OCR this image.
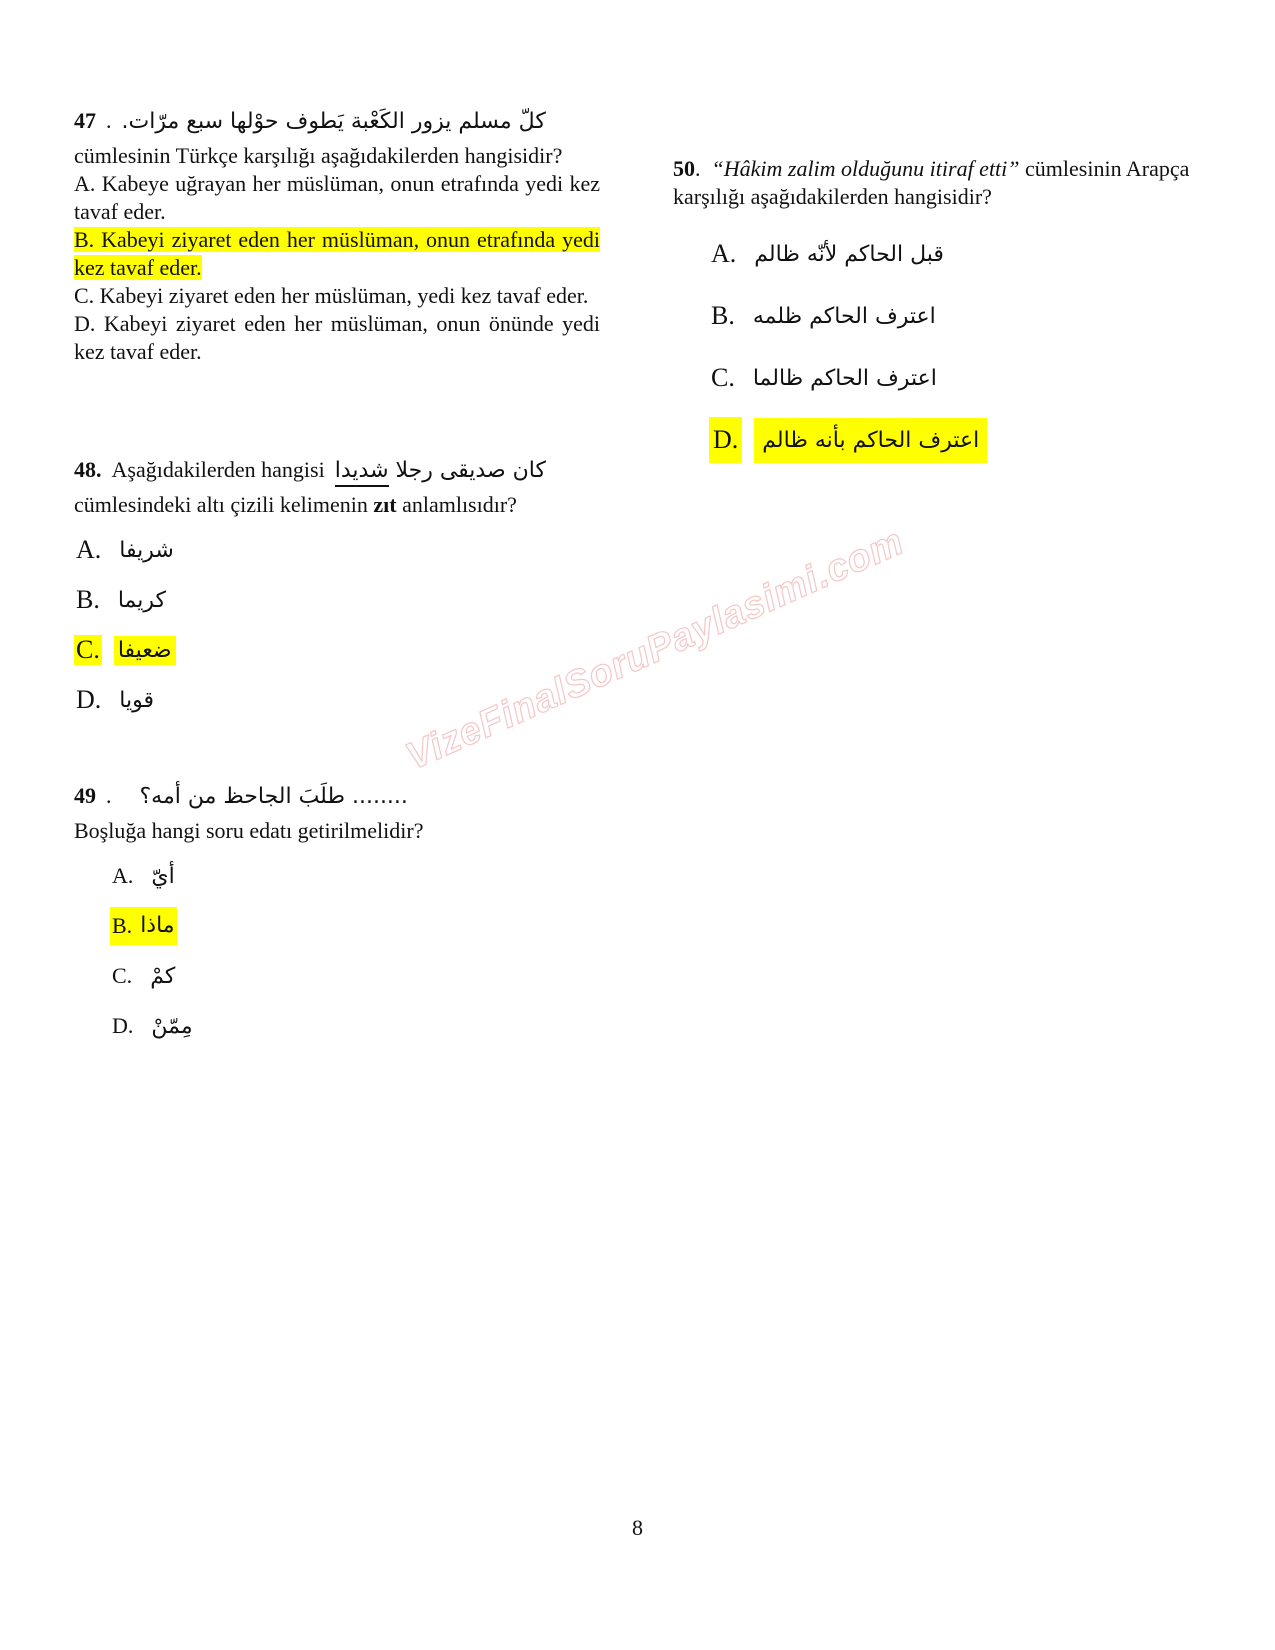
47 . كلّ مسلم يزور الكَعْبة يَطوف حوْلها سبع مرّات.
cümlesinin Türkçe karşılığı aşağıdakilerden hangisidir?

A. Kabeye uğrayan her müslüman, onun etrafında yedi kez tavaf eder.

B. Kabeyi ziyaret eden her müslüman, onun etrafında yedi kez tavaf eder.

C. Kabeyi ziyaret eden her müslüman, yedi kez tavaf eder.

D. Kabeyi ziyaret eden her müslüman, onun önünde yedi kez tavaf eder.

48. Aşağıdakilerden hangisi	كان صديقى رجلا شديدا
cümlesindeki altı çizili kelimenin zıt anlamlısıdır?
A. شريفا
B. كريما
C. ضعيفا
D. قويا
49 . ........ طلَبَ الجاحظ من أمه؟
Boşluğa hangi soru edatı getirilmelidir?
A. أيّ
B. ماذا
C. كمْ
D. مِمّنْ
50.  “Hâkim zalim olduğunu itiraf etti” cümlesinin Arapça karşılığı aşağıdakilerden hangisidir?
A. قبل الحاكم لأنّه ظالم
B. اعترف الحاكم ظلمه
C. اعترف الحاكم ظالما
D.	اعترف الحاكم بأنه ظالم
VizeFinalSoruPaylasimi.com
8
